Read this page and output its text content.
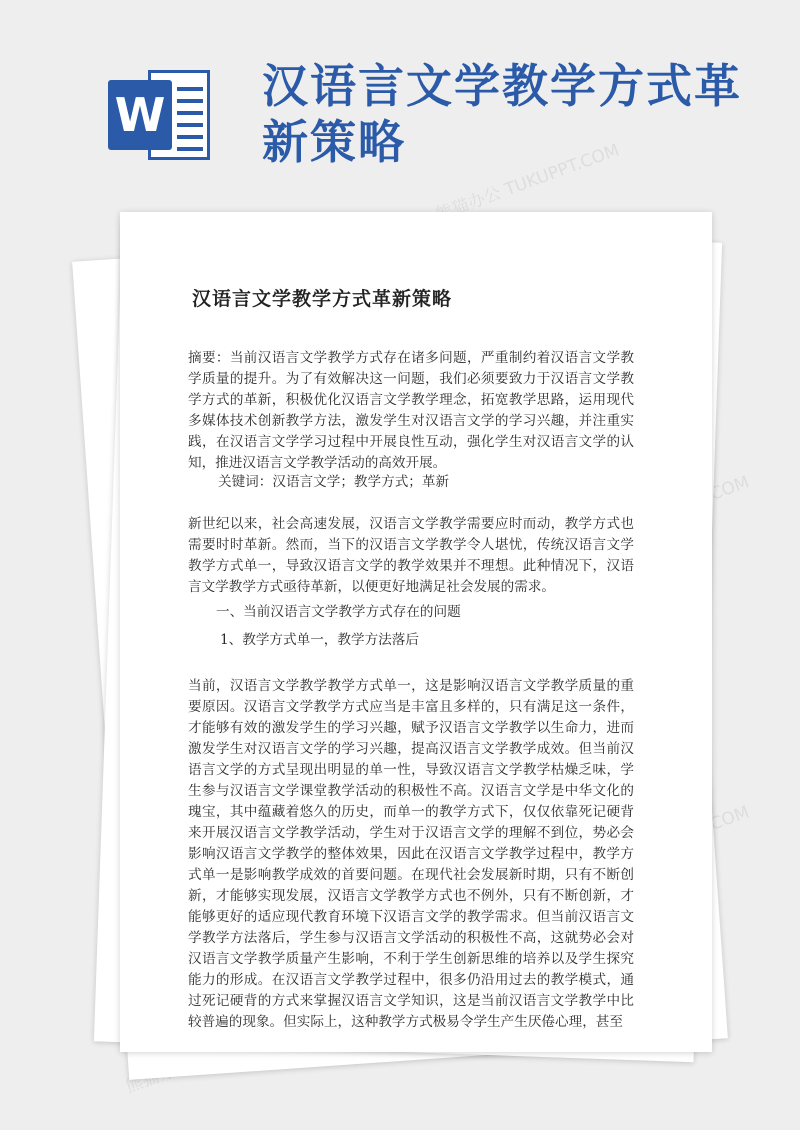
熊猫办公 TUKUPPT.COM
W
汉语言文学教学方式革新策略
汉语言文学教学方式革新策略
摘要：当前汉语言文学教学方式存在诸多问题，严重制约着汉语言文学教学质量的提升。为了有效解决这一问题，我们必须要致力于汉语言文学教学方式的革新，积极优化汉语言文学教学理念，拓宽教学思路，运用现代多媒体技术创新教学方法，激发学生对汉语言文学的学习兴趣，并注重实践，在汉语言文学学习过程中开展良性互动，强化学生对汉语言文学的认知，推进汉语言文学教学活动的高效开展。
关键词：汉语言文学；教学方式；革新
新世纪以来，社会高速发展，汉语言文学教学需要应时而动，教学方式也需要时时革新。然而，当下的汉语言文学教学令人堪忧，传统汉语言文学教学方式单一，导致汉语言文学的教学效果并不理想。此种情况下，汉语言文学教学方式亟待革新，以便更好地满足社会发展的需求。
一、当前汉语言文学教学方式存在的问题
1、教学方式单一，教学方法落后
当前，汉语言文学教学教学方式单一，这是影响汉语言文学教学质量的重要原因。汉语言文学教学方式应当是丰富且多样的，只有满足这一条件，才能够有效的激发学生的学习兴趣，赋予汉语言文学教学以生命力，进而激发学生对汉语言文学的学习兴趣，提高汉语言文学教学成效。但当前汉语言文学的方式呈现出明显的单一性，导致汉语言文学教学枯燥乏味，学生参与汉语言文学课堂教学活动的积极性不高。汉语言文学是中华文化的瑰宝，其中蕴藏着悠久的历史，而单一的教学方式下，仅仅依靠死记硬背来开展汉语言文学教学活动，学生对于汉语言文学的理解不到位，势必会影响汉语言文学教学的整体效果，因此在汉语言文学教学过程中，教学方式单一是影响教学成效的首要问题。在现代社会发展新时期，只有不断创新，才能够实现发展，汉语言文学教学方式也不例外，只有不断创新，才能够更好的适应现代教育环境下汉语言文学的教学需求。但当前汉语言文学教学方法落后，学生参与汉语言文学活动的积极性不高，这就势必会对汉语言文学教学质量产生影响，不利于学生创新思维的培养以及学生探究能力的形成。在汉语言文学教学过程中，很多仍沿用过去的教学模式，通过死记硬背的方式来掌握汉语言文学知识，这是当前汉语言文学教学中比较普遍的现象。但实际上，这种教学方式极易令学生产生厌倦心理，甚至
